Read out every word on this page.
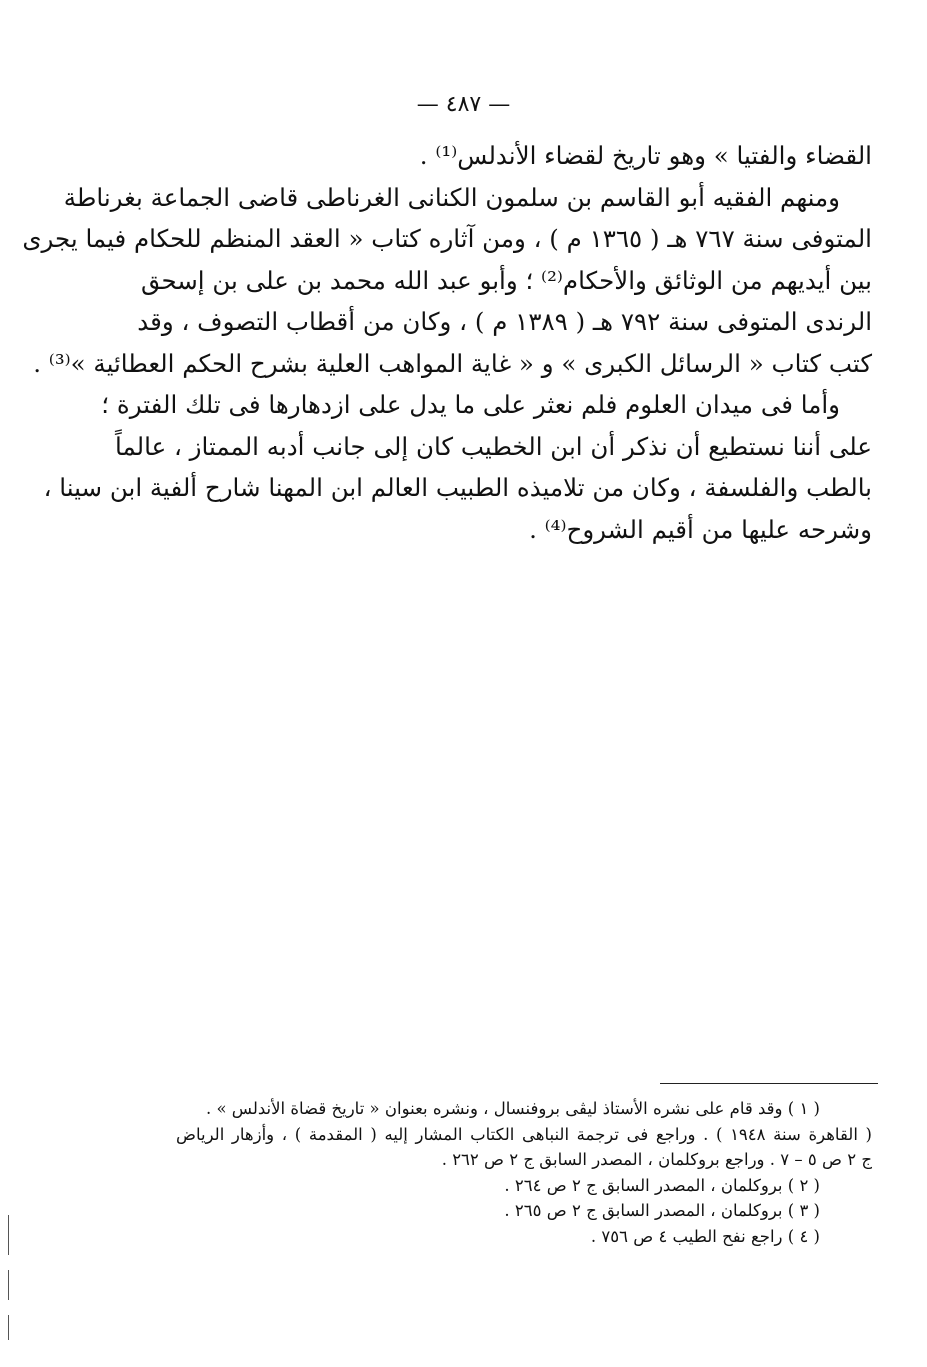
— ٤٨٧ —
القضاء والفتيا » وهو تاريخ لقضاء الأندلس⁽¹⁾ .
ومنهم الفقيه أبو القاسم بن سلمون الكنانى الغرناطى قاضى الجماعة بغرناطة
المتوفى سنة ٧٦٧ هـ ( ١٣٦٥ م ) ، ومن آثاره كتاب « العقد المنظم للحكام فيما يجرى
بين أيديهم من الوثائق والأحكام⁽²⁾ ؛ وأبو عبد الله محمد بن على بن إسحق
الرندى المتوفى سنة ٧٩٢ هـ ( ١٣٨٩ م ) ، وكان من أقطاب التصوف ، وقد
كتب كتاب « الرسائل الكبرى » و « غاية المواهب العلية بشرح الحكم العطائية »⁽³⁾ .
وأما فى ميدان العلوم فلم نعثر على ما يدل على ازدهارها فى تلك الفترة ؛
على أننا نستطيع أن نذكر أن ابن الخطيب كان إلى جانب أدبه الممتاز ، عالماً
بالطب والفلسفة ، وكان من تلاميذه الطبيب العالم ابن المهنا شارح ألفية ابن سينا ،
وشرحه عليها من أقيم الشروح⁽⁴⁾ .
( ١ ) وقد قام على نشره الأستاذ ليڤى بروفنسال ، ونشره بعنوان « تاريخ قضاة الأندلس » .
( القاهرة سنة ١٩٤٨ ) . وراجع فى ترجمة النباهى الكتاب المشار إليه ( المقدمة ) ، وأزهار الرياض
ج ٢ ص ٥ – ٧ . وراجع بروكلمان ، المصدر السابق ج ٢ ص ٢٦٢ .
( ٢ ) بروكلمان ، المصدر السابق ج ٢ ص ٢٦٤ .
( ٣ ) بروكلمان ، المصدر السابق ج ٢ ص ٢٦٥ .
( ٤ ) راجع نفح الطيب ٤ ص ٧٥٦ .
